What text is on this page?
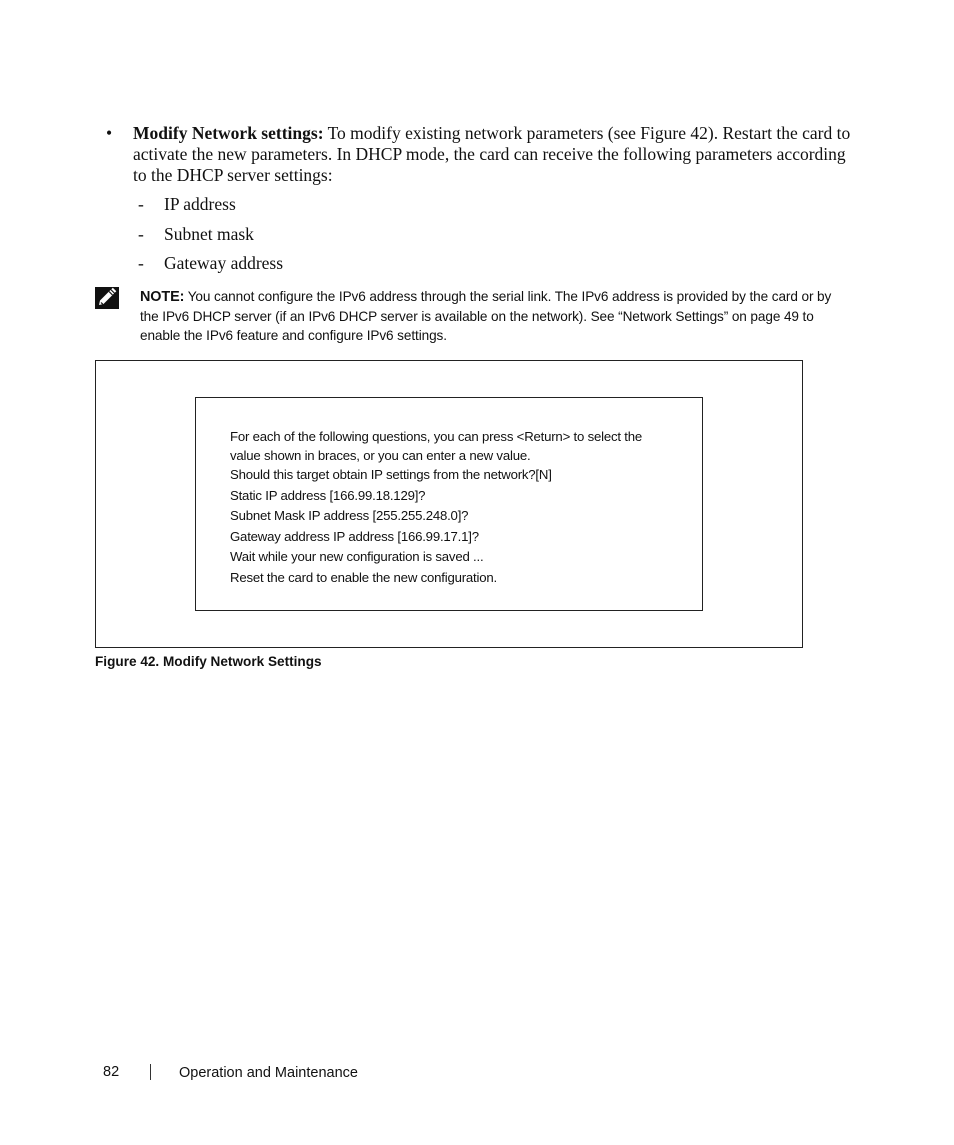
•	Modify Network settings: To modify existing network parameters (see Figure 42). Restart the card to activate the new parameters. In DHCP mode, the card can receive the following parameters according to the DHCP server settings:
- IP address
- Subnet mask
- Gateway address
NOTE: You cannot configure the IPv6 address through the serial link. The IPv6 address is provided by the card or by the IPv6 DHCP server (if an IPv6 DHCP server is available on the network). See “Network Settings” on page 49 to enable the IPv6 feature and configure IPv6 settings.
For each of the following questions, you can press <Return> to select the
value shown in braces, or you can enter a new value.
Should this target obtain IP settings from the network?[N]
Static IP address [166.99.18.129]?
Subnet Mask IP address [255.255.248.0]?
Gateway address IP address [166.99.17.1]?
Wait while your new configuration is saved ...
Reset the card to enable the new configuration.
Figure 42. Modify Network Settings
82	Operation and Maintenance
